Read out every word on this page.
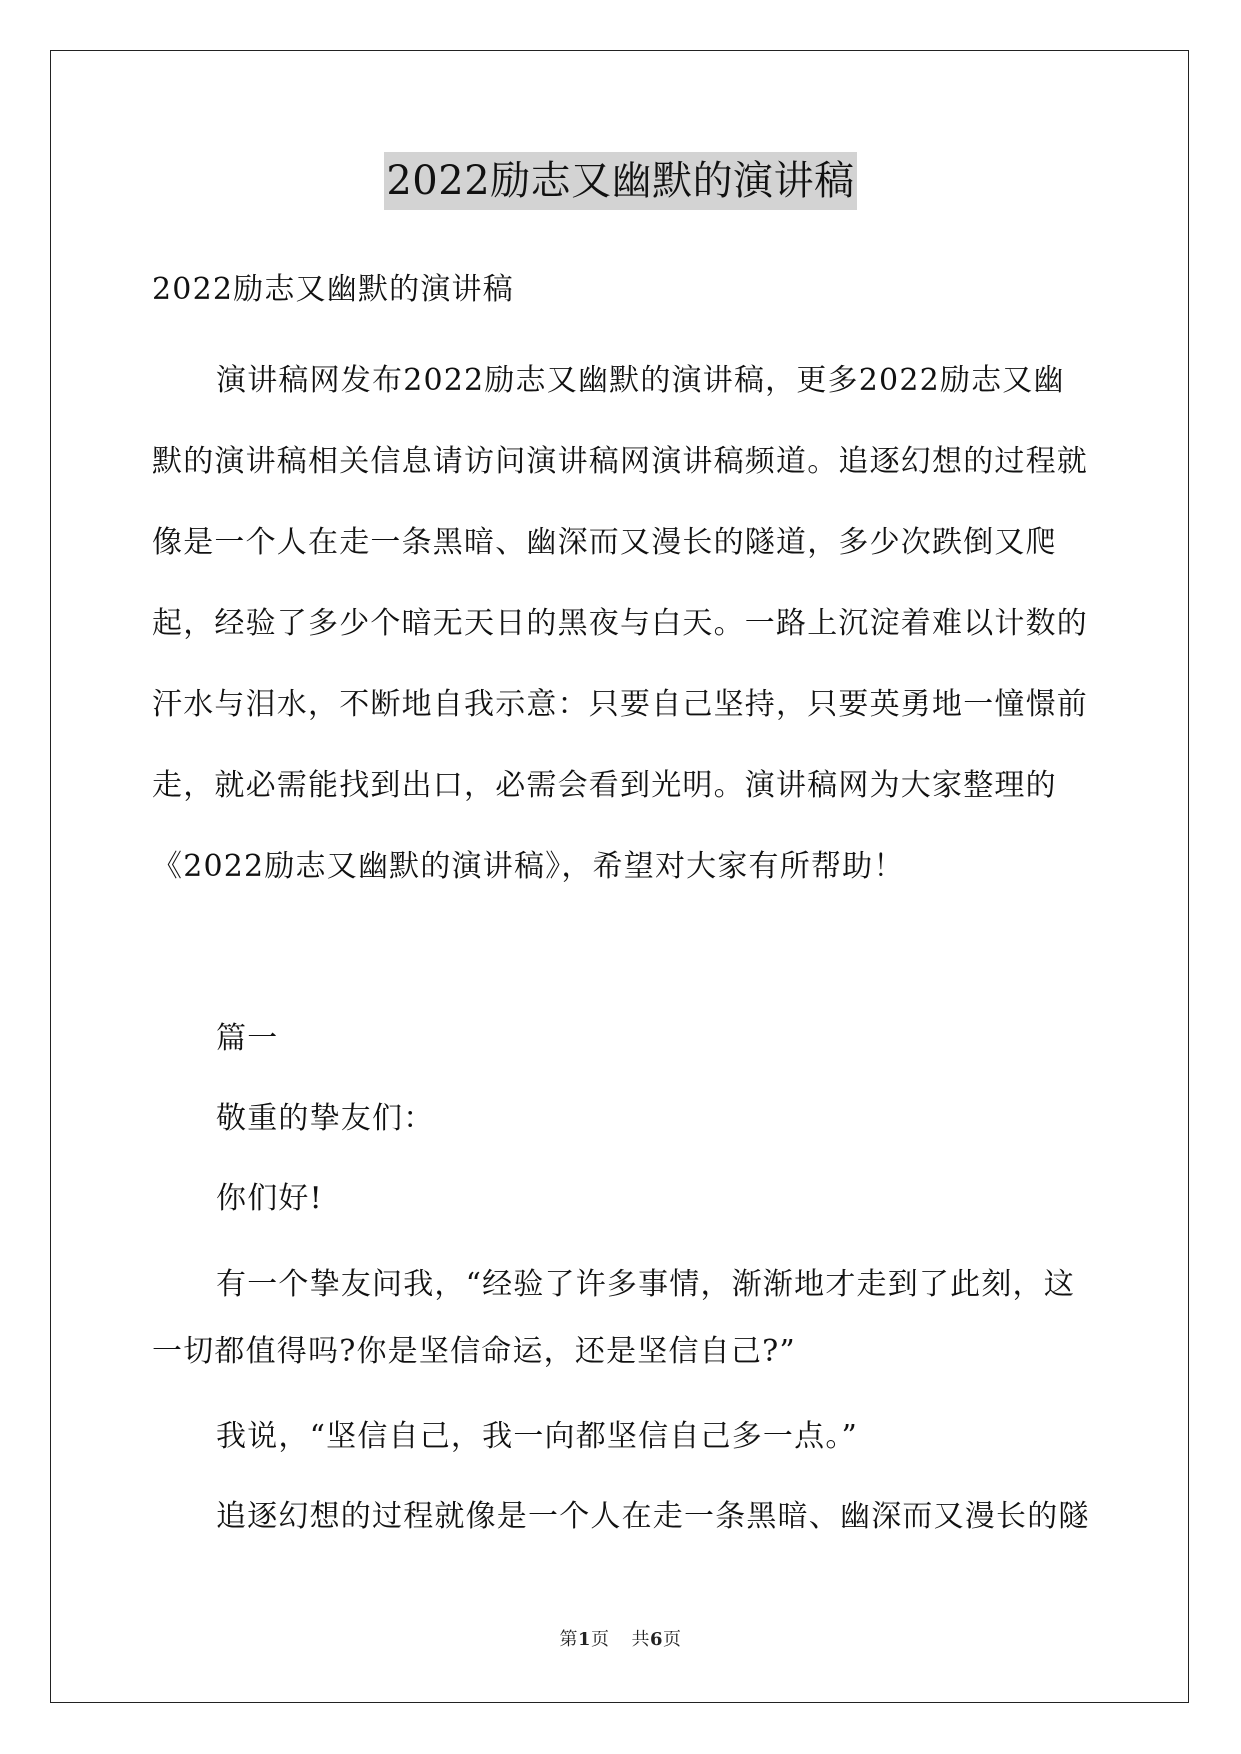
2022励志又幽默的演讲稿

2022励志又幽默的演讲稿

演讲稿网发布2022励志又幽默的演讲稿，更多2022励志又幽默的演讲稿相关信息请访问演讲稿网演讲稿频道。追逐幻想的过程就像是一个人在走一条黑暗、幽深而又漫长的隧道，多少次跌倒又爬起，经验了多少个暗无天日的黑夜与白天。一路上沉淀着难以计数的汗水与泪水，不断地自我示意：只要自己坚持，只要英勇地一憧憬前走，就必需能找到出口，必需会看到光明。演讲稿网为大家整理的《2022励志又幽默的演讲稿》，希望对大家有所帮助！

篇一

敬重的挚友们：

你们好!

有一个挚友问我，“经验了许多事情，渐渐地才走到了此刻，这一切都值得吗?你是坚信命运，还是坚信自己?”

我说，“坚信自己，我一向都坚信自己多一点。”

追逐幻想的过程就像是一个人在走一条黑暗、幽深而又漫长的隧

第1页 共6页
